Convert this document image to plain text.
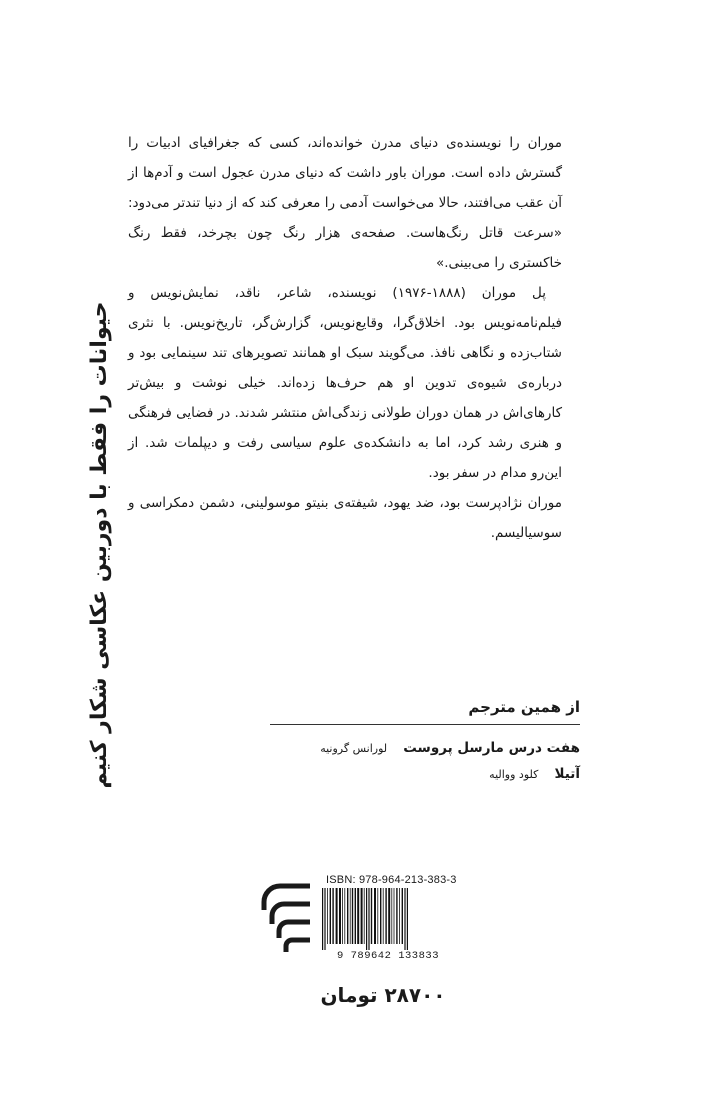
حیوانات را فقط با دوربین عکاسی شکار کنیم

موران را نویسنده‌ی دنیای مدرن خوانده‌اند، کسی که جغرافیای ادبیات را گسترش داده است. موران باور داشت که دنیای مدرن عجول است و آدم‌ها از آن عقب می‌افتند، حالا می‌خواست آدمی را معرفی کند که از دنیا تندتر می‌دود: «سرعت قاتل رنگ‌هاست. صفحه‌ی هزار رنگ چون بچرخد، فقط رنگ خاکستری را می‌بینی.»

پل موران (۱۸۸۸-۱۹۷۶) نویسنده، شاعر، ناقد، نمایش‌نویس و فیلم‌نامه‌نویس بود. اخلاق‌گرا، وقایع‌نویس، گزارش‌گر، تاریخ‌نویس. با نثری شتاب‌زده و نگاهی نافذ. می‌گویند سبک او همانند تصویرهای تند سینمایی بود و درباره‌ی شیوه‌ی تدوین او هم حرف‌ها زده‌اند. خیلی نوشت و بیش‌تر کارهای‌اش در همان دوران طولانی زندگی‌اش منتشر شدند. در فضایی فرهنگی و هنری رشد کرد، اما به دانشکده‌ی علوم سیاسی رفت و دیپلمات شد. از این‌رو مدام در سفر بود.

موران نژادپرست بود، ضد یهود، شیفته‌ی بنیتو موسولینی، دشمن دمکراسی و سوسیالیسم.

از همین مترجم
هفت درس مارسل پروست لورانس گرونیه
آتیلا کلود وواليه
ISBN: 978-964-213-383-3
9 789642 133833
۲۸۷۰۰ تومان
